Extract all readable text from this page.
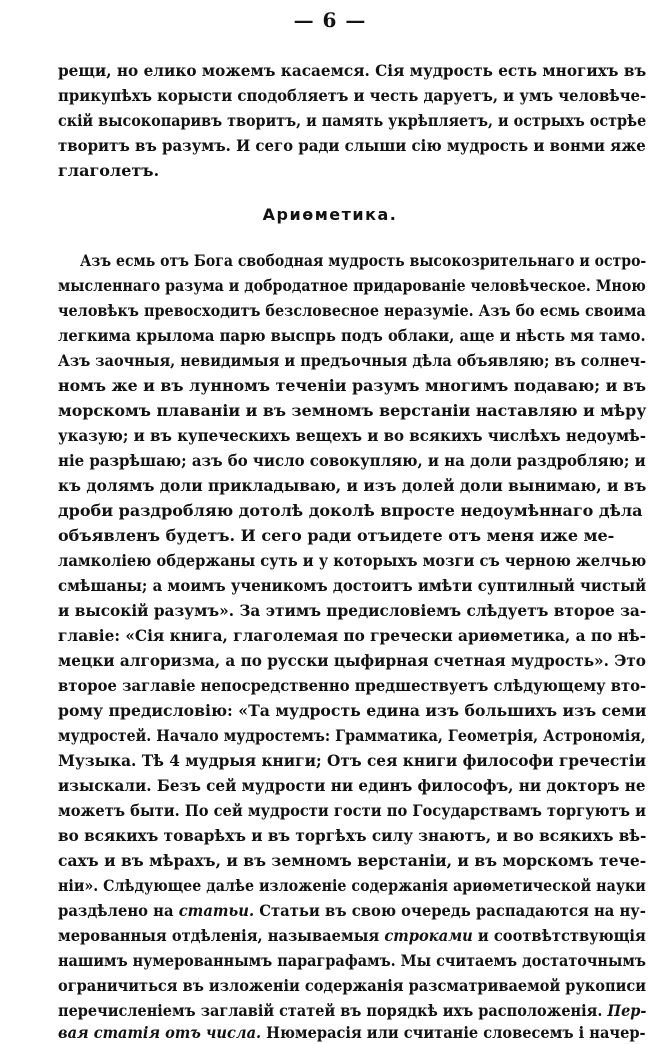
— 6 —
рещи, но елико можемъ касаемся. Сія мудрость есть многихъ въ
прикупѣхъ корысти сподобляетъ и честь даруетъ, и умъ человѣче-
скій высокопаривъ творитъ, и память укрѣпляетъ, и острыхъ острѣе
творитъ въ разумъ. И сего ради слыши сію мудрость и вонми яже
глаголетъ.
Ариѳметика.
Азъ есмь отъ Бога свободная мудрость высокозрительнаго и остро-
мысленнаго разума и добродатное придарованіе человѣческое. Мною
человѣкъ превосходитъ безсловесное неразуміе. Азъ бо есмь своима
легкима крылома парю выспрь подъ облаки, аще и нѣсть мя тамо.
Азъ заочныя, невидимыя и предъочныя дѣла объявляю; въ солнеч-
номъ же и въ лунномъ теченіи разумъ многимъ подаваю; и въ
морскомъ плаваніи и въ земномъ верстаніи наставляю и мѣру
указую; и въ купеческихъ вещехъ и во всякихъ числѣхъ недоумѣ-
ніе разрѣшаю; азъ бо число совокупляю, и на доли раздробляю; и
къ долямъ доли прикладываю, и изъ долей доли вынимаю, и въ
дроби раздробляю дотолѣ доколѣ впросте недоумѣннаго дѣла
объявленъ будетъ. И сего ради отъидете отъ меня иже ме-
ламколіею обдержаны суть и у которыхъ мозги съ черною желчью
смѣшаны; а моимъ ученикомъ достоитъ имѣти суптилный чистый
и высокій разумъ». За этимъ предисловіемъ слѣдуетъ второе за-
главіе: «Сія книга, глаголемая по гречески ариѳметика, а по нѣ-
мецки алгоризма, а по русски цыфирная счетная мудрость». Это
второе заглавіе непосредственно предшествуетъ слѣдующему вто-
рому предисловію: «Та мудрость едина изъ большихъ изъ семи
мудростей. Начало мудростемъ: Грамматика, Геометрія, Астрономія,
Музыка. Тѣ 4 мудрыя книги; Отъ сея книги философи гречестіи
изыскали. Безъ сей мудрости ни единъ философъ, ни докторъ не
можетъ быти. По сей мудрости гости по Государствамъ торгуютъ и
во всякихъ товарѣхъ и въ торгѣхъ силу знаютъ, и во всякихъ вѣ-
сахъ и въ мѣрахъ, и въ земномъ верстаніи, и въ морскомъ тече-
ніи». Слѣдующее далѣе изложеніе содержанія ариѳметической науки
раздѣлено на статьи. Статьи въ свою очередь распадаются на ну-
мерованныя отдѣленія, называемыя строками и соотвѣтствующія
нашимъ нумерованнымъ параграфамъ. Мы считаемъ достаточнымъ
ограничиться въ изложеніи содержанія разсматриваемой рукописи
перечисленіемъ заглавій статей въ порядкѣ ихъ расположенія. Пер-
вая статія отъ числа. Нюмерасія или считаніе словесемъ і начер-
